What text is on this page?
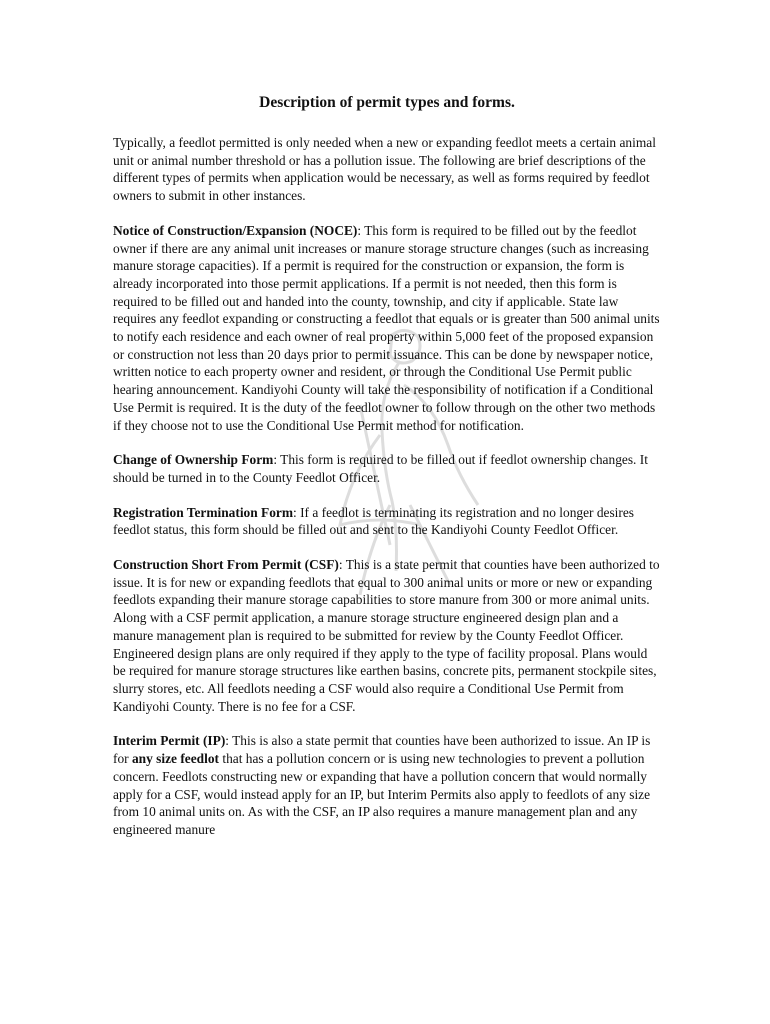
Description of permit types and forms.

Typically, a feedlot permitted is only needed when a new or expanding feedlot meets a certain animal unit or animal number threshold or has a pollution issue. The following are brief descriptions of the different types of permits when application would be necessary, as well as forms required by feedlot owners to submit in other instances.

Notice of Construction/Expansion (NOCE): This form is required to be filled out by the feedlot owner if there are any animal unit increases or manure storage structure changes (such as increasing manure storage capacities). If a permit is required for the construction or expansion, the form is already incorporated into those permit applications. If a permit is not needed, then this form is required to be filled out and handed into the county, township, and city if applicable. State law requires any feedlot expanding or constructing a feedlot that equals or is greater than 500 animal units to notify each residence and each owner of real property within 5,000 feet of the proposed expansion or construction not less than 20 days prior to permit issuance. This can be done by newspaper notice, written notice to each property owner and resident, or through the Conditional Use Permit public hearing announcement. Kandiyohi County will take the responsibility of notification if a Conditional Use Permit is required. It is the duty of the feedlot owner to follow through on the other two methods if they choose not to use the Conditional Use Permit method for notification.

Change of Ownership Form: This form is required to be filled out if feedlot ownership changes. It should be turned in to the County Feedlot Officer.

Registration Termination Form: If a feedlot is terminating its registration and no longer desires feedlot status, this form should be filled out and sent to the Kandiyohi County Feedlot Officer.

Construction Short From Permit (CSF): This is a state permit that counties have been authorized to issue. It is for new or expanding feedlots that equal to 300 animal units or more or new or expanding feedlots expanding their manure storage capabilities to store manure from 300 or more animal units. Along with a CSF permit application, a manure storage structure engineered design plan and a manure management plan is required to be submitted for review by the County Feedlot Officer. Engineered design plans are only required if they apply to the type of facility proposal. Plans would be required for manure storage structures like earthen basins, concrete pits, permanent stockpile sites, slurry stores, etc. All feedlots needing a CSF would also require a Conditional Use Permit from Kandiyohi County. There is no fee for a CSF.

Interim Permit (IP): This is also a state permit that counties have been authorized to issue. An IP is for any size feedlot that has a pollution concern or is using new technologies to prevent a pollution concern. Feedlots constructing new or expanding that have a pollution concern that would normally apply for a CSF, would instead apply for an IP, but Interim Permits also apply to feedlots of any size from 10 animal units on. As with the CSF, an IP also requires a manure management plan and any engineered manure
